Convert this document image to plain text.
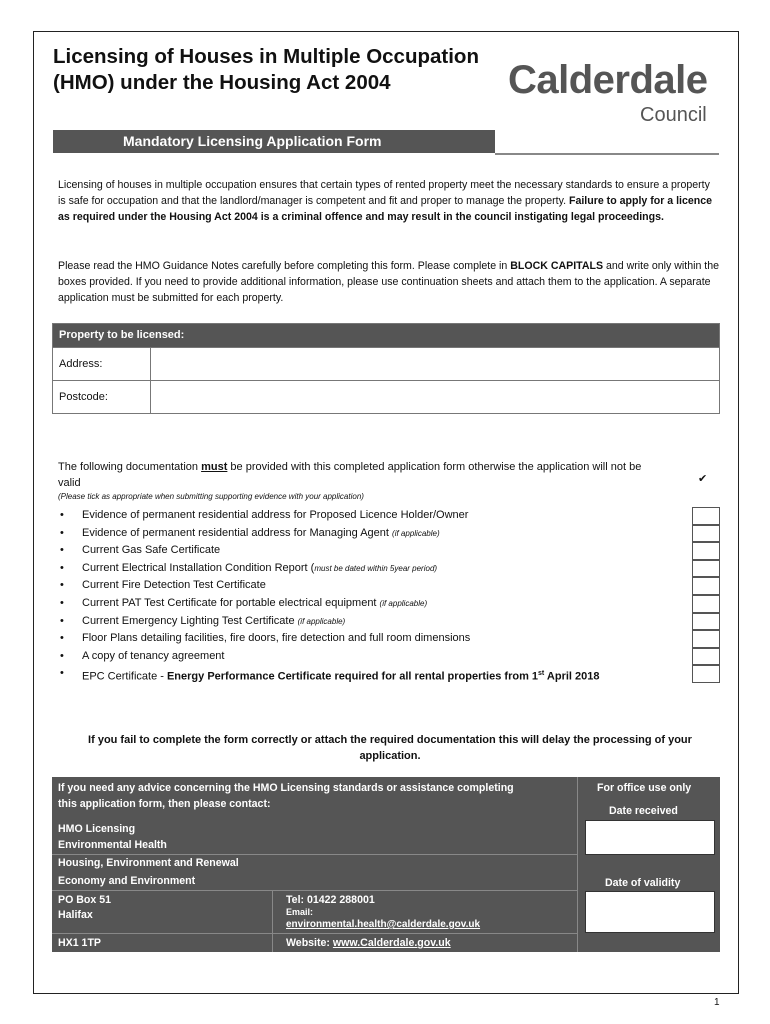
Licensing of Houses in Multiple Occupation (HMO) under the Housing Act 2004
Mandatory Licensing Application Form
Calderdale
Council
Licensing of houses in multiple occupation ensures that certain types of rented property meet the necessary standards to ensure a property is safe for occupation and that the landlord/manager is competent and fit and proper to manage the property. Failure to apply for a licence as required under the Housing Act 2004 is a criminal offence and may result in the council instigating legal proceedings.
Please read the HMO Guidance Notes carefully before completing this form. Please complete in BLOCK CAPITALS and write only within the boxes provided. If you need to provide additional information, please use continuation sheets and attach them to the application. A separate application must be submitted for each property.
Property to be licensed:
Address:
Postcode:
The following documentation must be provided with this completed application form otherwise the application will not be valid
(Please tick as appropriate when submitting supporting evidence with your application)
✔
• Evidence of permanent residential address for Proposed Licence Holder/Owner
• Evidence of permanent residential address for Managing Agent (if applicable)
• Current Gas Safe Certificate
• Current Electrical Installation Condition Report (must be dated within 5year period)
• Current Fire Detection Test Certificate
• Current PAT Test Certificate for portable electrical equipment (if applicable)
• Current Emergency Lighting Test Certificate (if applicable)
• Floor Plans detailing facilities, fire doors, fire detection and full room dimensions
• A copy of tenancy agreement
• EPC Certificate - Energy Performance Certificate required for all rental properties from 1st April 2018
If you fail to complete the form correctly or attach the required documentation this will delay the processing of your application.
If you need any advice concerning the HMO Licensing standards or assistance completing this application form, then please contact:
HMO Licensing
Environmental Health
Housing, Environment and Renewal
Economy and Environment
PO Box 51
Halifax
HX1 1TP
Tel: 01422 288001
Email:
environmental.health@calderdale.gov.uk
Website: www.Calderdale.gov.uk
For office use only
Date received
Date of validity
1
